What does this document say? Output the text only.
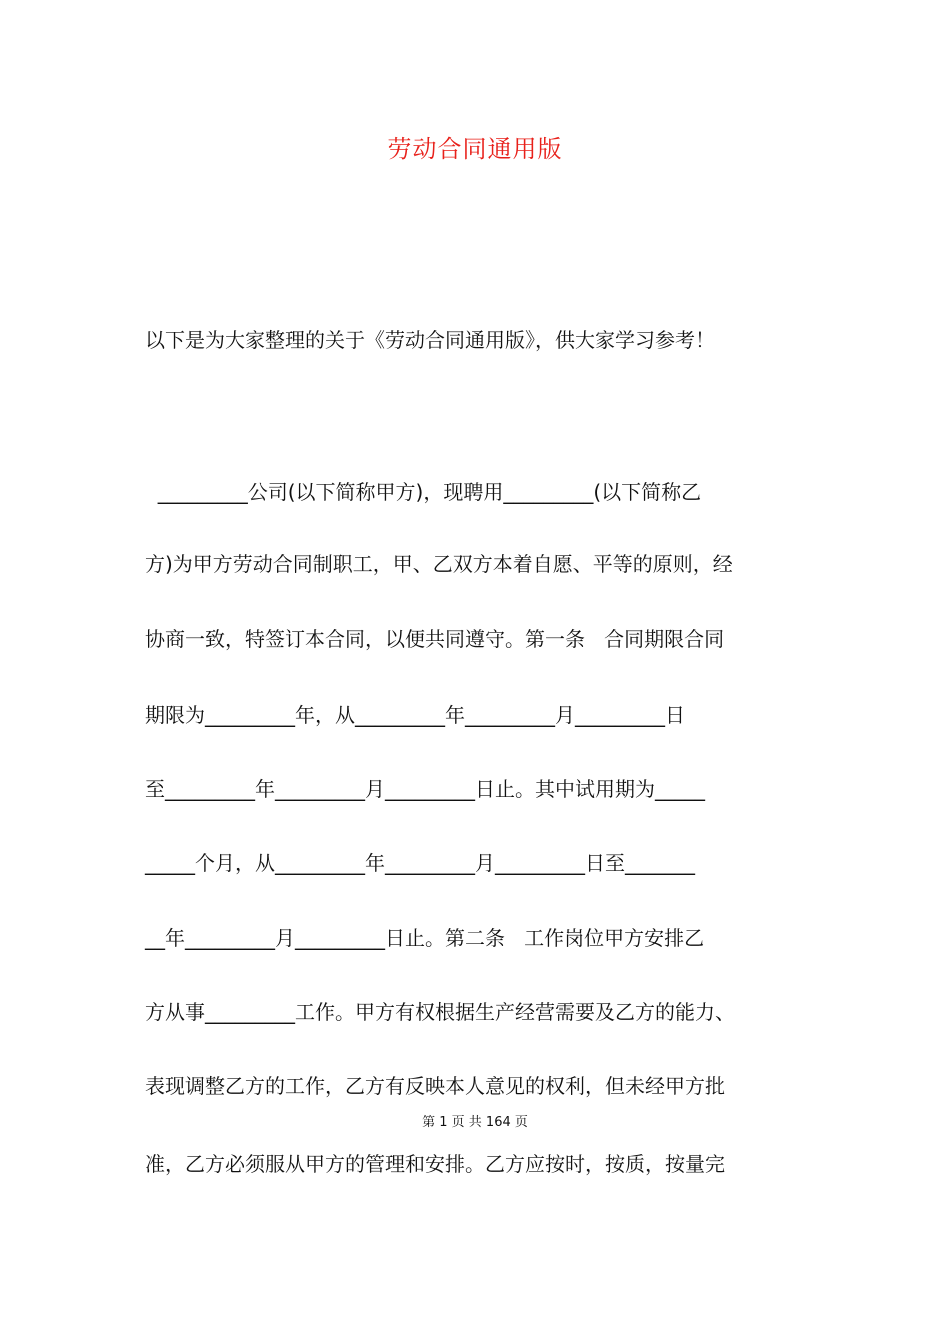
劳动合同通用版
以下是为大家整理的关于《劳动合同通用版》，供大家学习参考！
_________公司(以下简称甲方)，现聘用_________(以下简称乙
方)为甲方劳动合同制职工，甲、乙双方本着自愿、平等的原则，经
协商一致，特签订本合同，以便共同遵守。第一条   合同期限合同
期限为_________年，从_________年_________月_________日
至_________年_________月_________日止。其中试用期为_____
_____个月，从_________年_________月_________日至_______
__年_________月_________日止。第二条   工作岗位甲方安排乙
方从事_________工作。甲方有权根据生产经营需要及乙方的能力、
表现调整乙方的工作，乙方有反映本人意见的权利，但未经甲方批
第 1 页 共 164 页
准，乙方必须服从甲方的管理和安排。乙方应按时，按质，按量完
